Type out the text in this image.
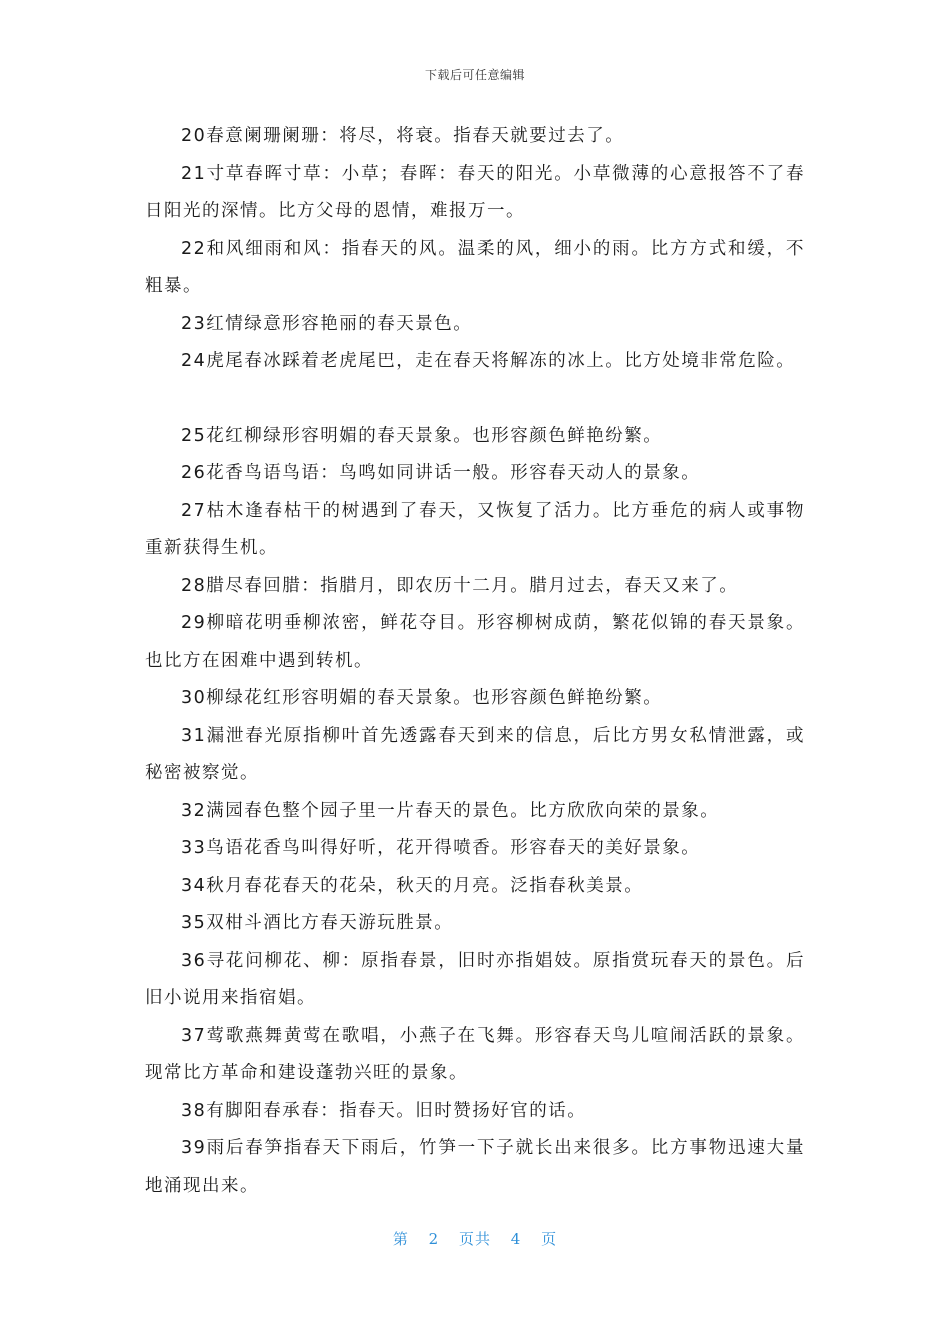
下载后可任意编辑

20春意阑珊阑珊：将尽，将衰。指春天就要过去了。

21寸草春晖寸草：小草；春晖：春天的阳光。小草微薄的心意报答不了春日阳光的深情。比方父母的恩情，难报万一。

22和风细雨和风：指春天的风。温柔的风，细小的雨。比方方式和缓，不粗暴。

23红情绿意形容艳丽的春天景色。

24虎尾春冰踩着老虎尾巴，走在春天将解冻的冰上。比方处境非常危险。

25花红柳绿形容明媚的春天景象。也形容颜色鲜艳纷繁。

26花香鸟语鸟语：鸟鸣如同讲话一般。形容春天动人的景象。

27枯木逢春枯干的树遇到了春天，又恢复了活力。比方垂危的病人或事物重新获得生机。

28腊尽春回腊：指腊月，即农历十二月。腊月过去，春天又来了。

29柳暗花明垂柳浓密，鲜花夺目。形容柳树成荫，繁花似锦的春天景象。也比方在困难中遇到转机。

30柳绿花红形容明媚的春天景象。也形容颜色鲜艳纷繁。

31漏泄春光原指柳叶首先透露春天到来的信息，后比方男女私情泄露，或秘密被察觉。

32满园春色整个园子里一片春天的景色。比方欣欣向荣的景象。

33鸟语花香鸟叫得好听，花开得喷香。形容春天的美好景象。

34秋月春花春天的花朵，秋天的月亮。泛指春秋美景。

35双柑斗酒比方春天游玩胜景。

36寻花问柳花、柳：原指春景，旧时亦指娼妓。原指赏玩春天的景色。后旧小说用来指宿娼。

37莺歌燕舞黄莺在歌唱，小燕子在飞舞。形容春天鸟儿喧闹活跃的景象。现常比方革命和建设蓬勃兴旺的景象。

38有脚阳春承春：指春天。旧时赞扬好官的话。

39雨后春笋指春天下雨后，竹笋一下子就长出来很多。比方事物迅速大量地涌现出来。

第 2 页共 4 页
